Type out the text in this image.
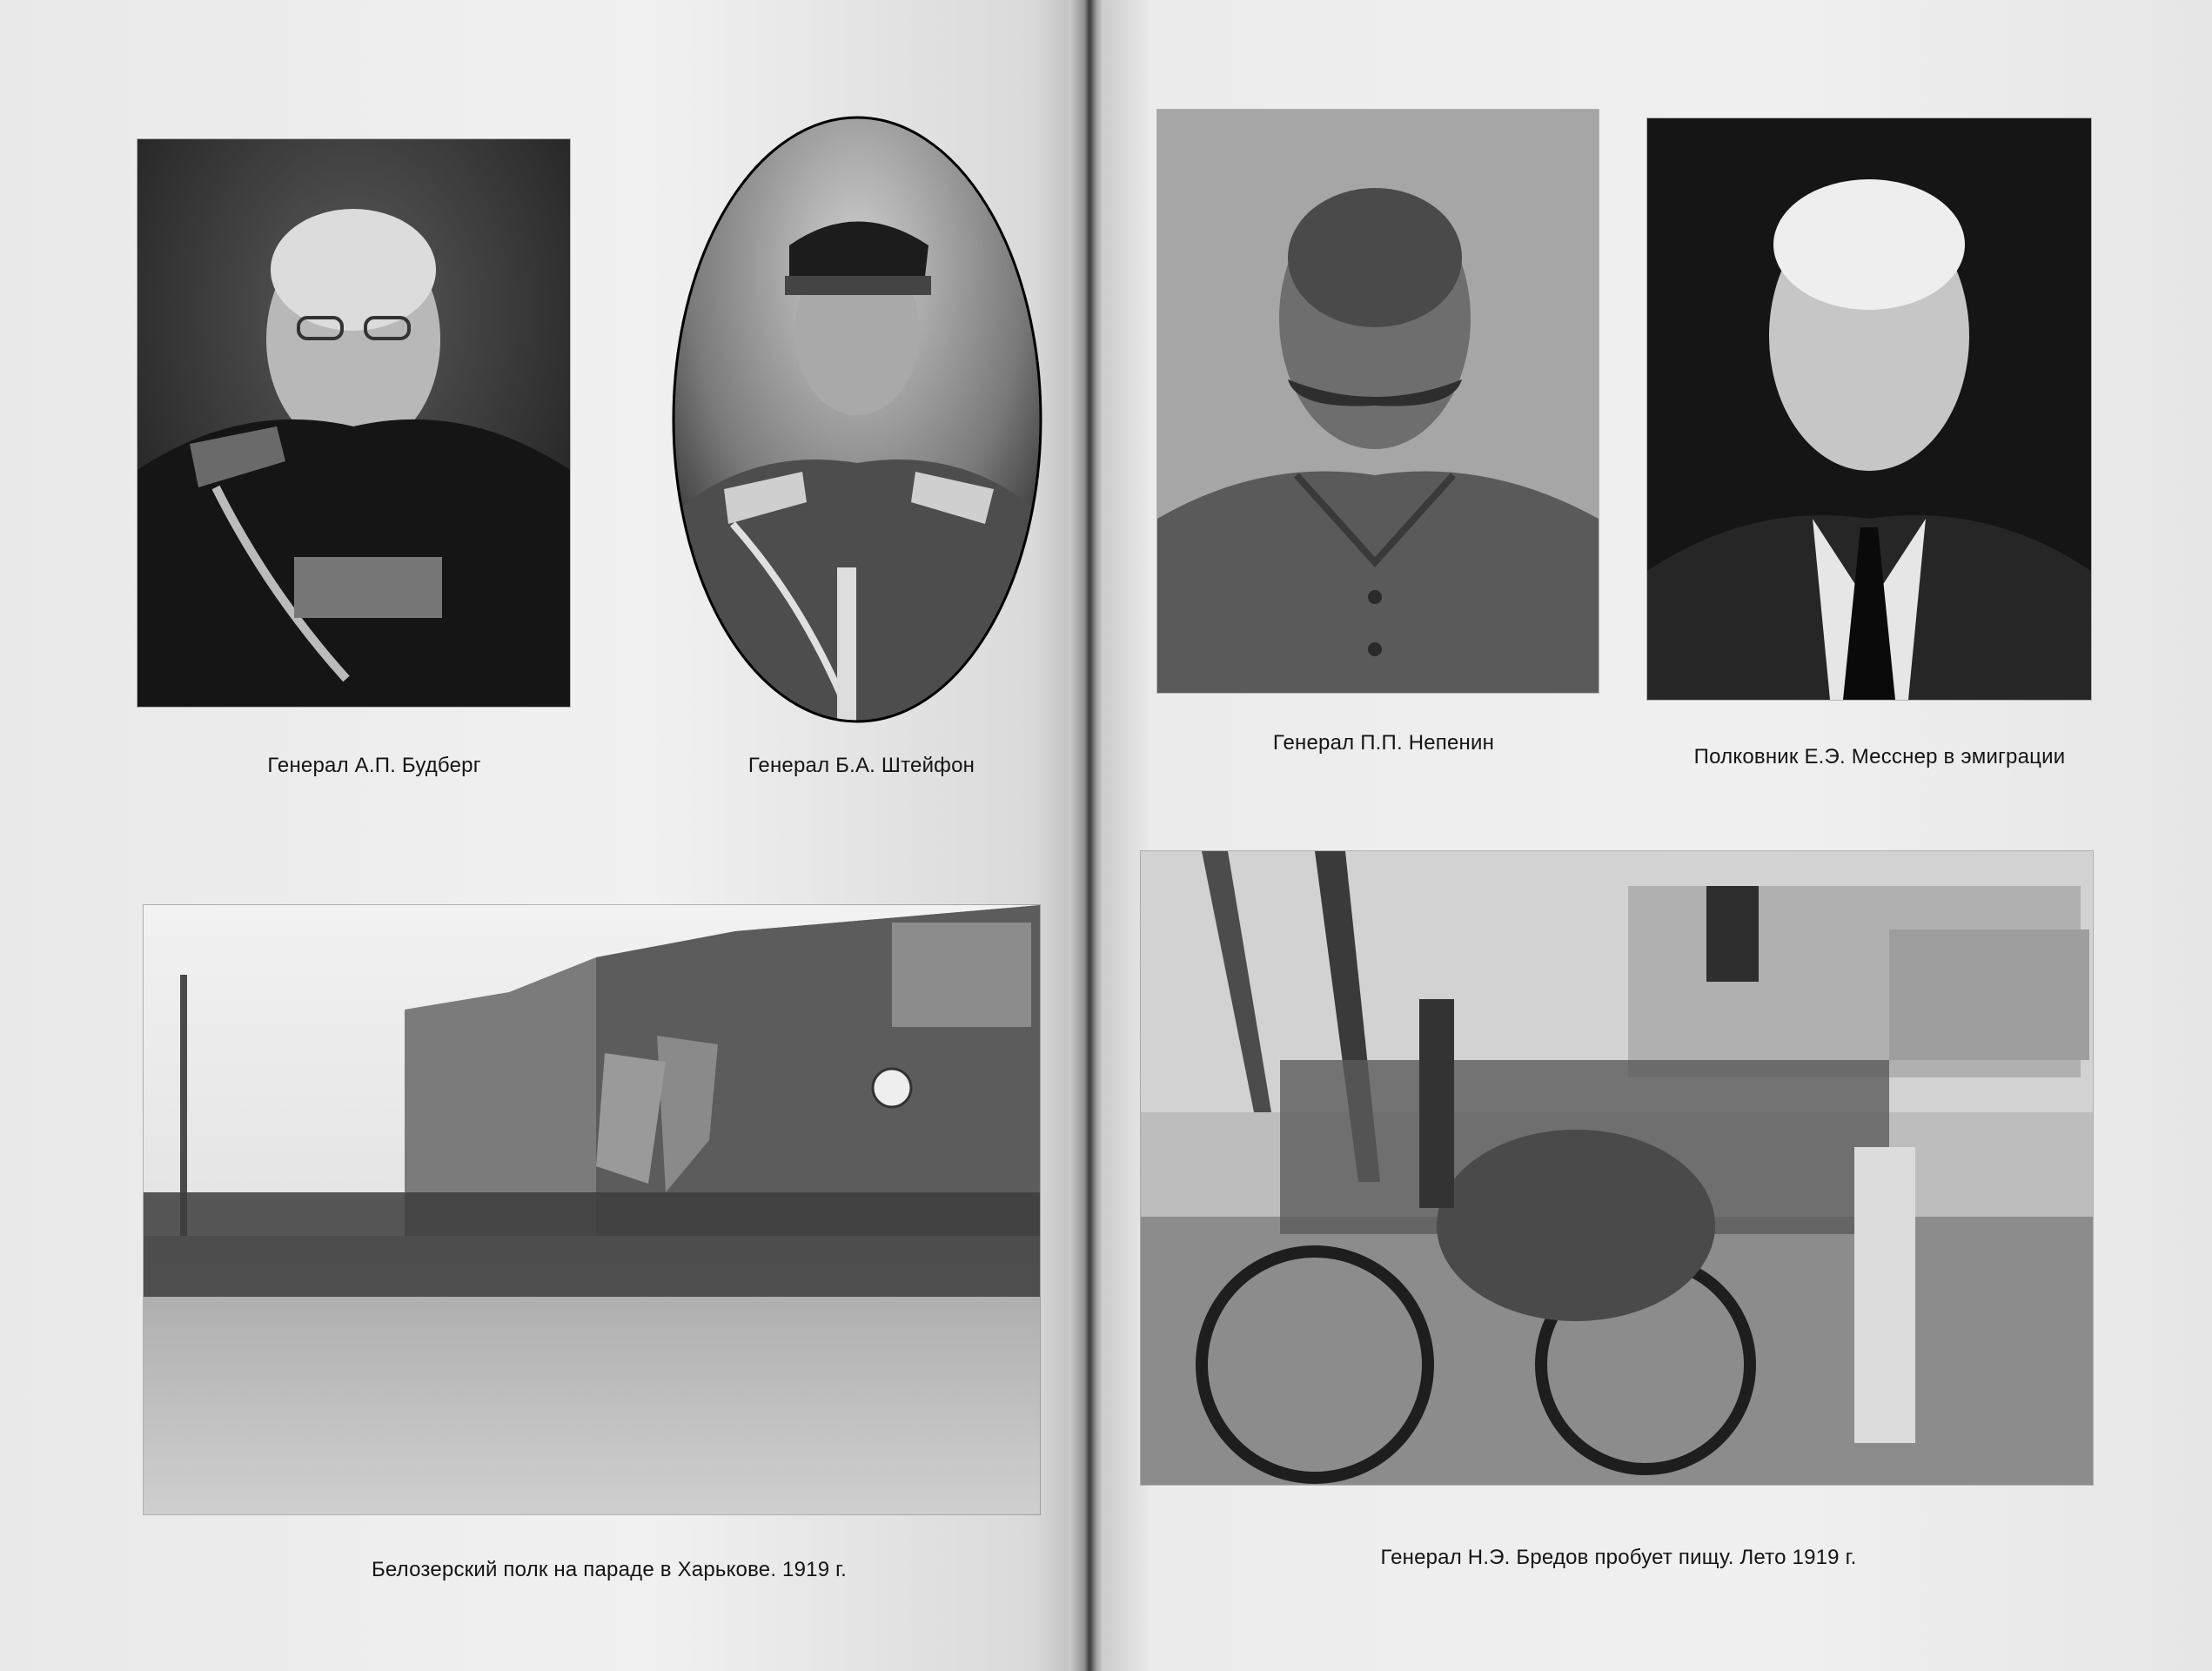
Генерал А.П. Будберг	Генерал Б.А. Штейфон
Генерал П.П. Непенин
Полковник Е.Э. Месснер в эмиграции
Белозерский полк на параде в Харькове. 1919 г.
Генерал Н.Э. Бредов пробует пищу. Лето 1919 г.
